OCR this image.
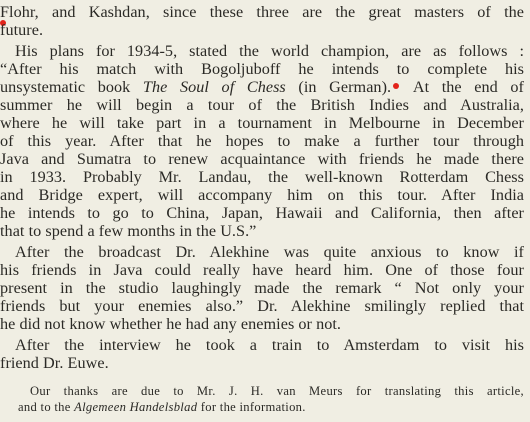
Flohr, and Kashdan, since these three are the great masters of the
future.
His plans for 1934-5, stated the world champion, are as follows :
“After his match with Bogoljuboff he intends to complete his
unsystematic book The Soul of Chess (in German). At the end of
summer he will begin a tour of the British Indies and Australia,
where he will take part in a tournament in Melbourne in December
of this year. After that he hopes to make a further tour through
Java and Sumatra to renew acquaintance with friends he made there
in 1933. Probably Mr. Landau, the well-known Rotterdam Chess
and Bridge expert, will accompany him on this tour. After India
he intends to go to China, Japan, Hawaii and California, then after
that to spend a few months in the U.S.”
After the broadcast Dr. Alekhine was quite anxious to know if
his friends in Java could really have heard him. One of those four
present in the studio laughingly made the remark “ Not only your
friends but your enemies also.” Dr. Alekhine smilingly replied that
he did not know whether he had any enemies or not.
After the interview he took a train to Amsterdam to visit his
friend Dr. Euwe.
Our thanks are due to Mr. J. H. van Meurs for translating this article,
and to the Algemeen Handelsblad for the information.
